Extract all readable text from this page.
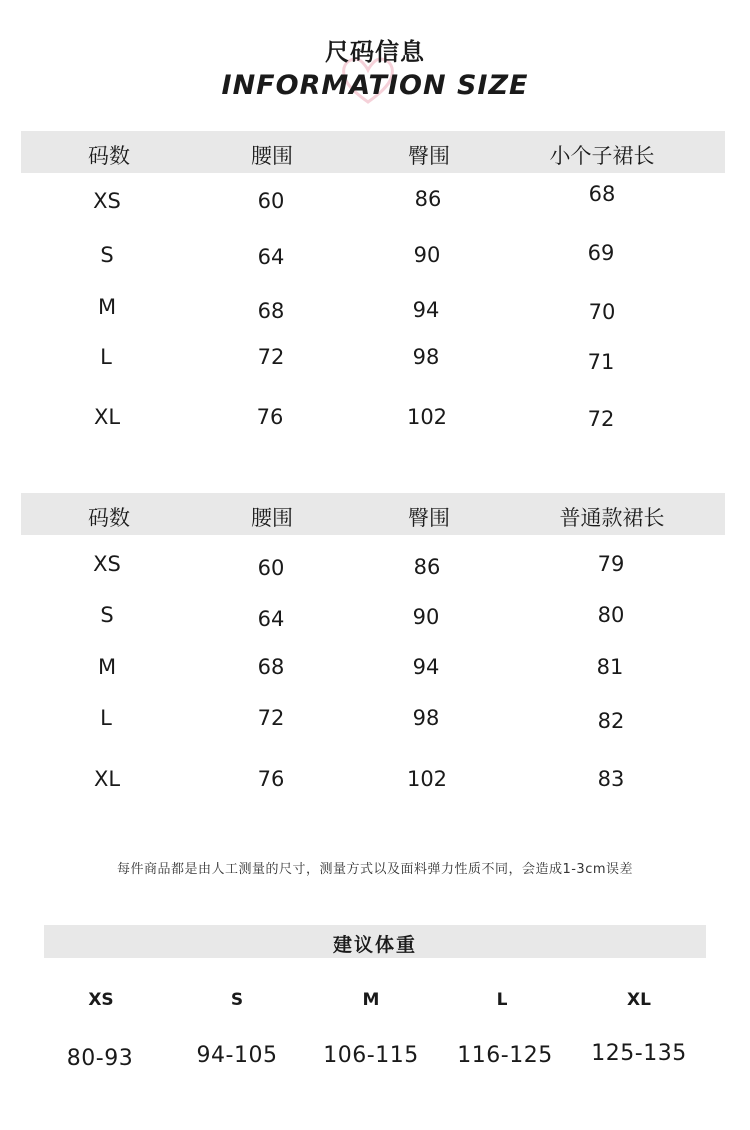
尺码信息
INFORMATION SIZE
码数	腰围	臀围	小个子裙长
XS	60	86	68
S	64	90	69
M	68	94	70
L	72	98	71
XL	76	102	72
码数	腰围	臀围	普通款裙长
XS	60	86	79
S	64	90	80
M	68	94	81
L	72	98	82
XL	76	102	83
每件商品都是由人工测量的尺寸，测量方式以及面料弹力性质不同，会造成1-3cm误差
建议体重
XS	S	M	L	XL
80-93	94-105 106-115 116-125 125-135
